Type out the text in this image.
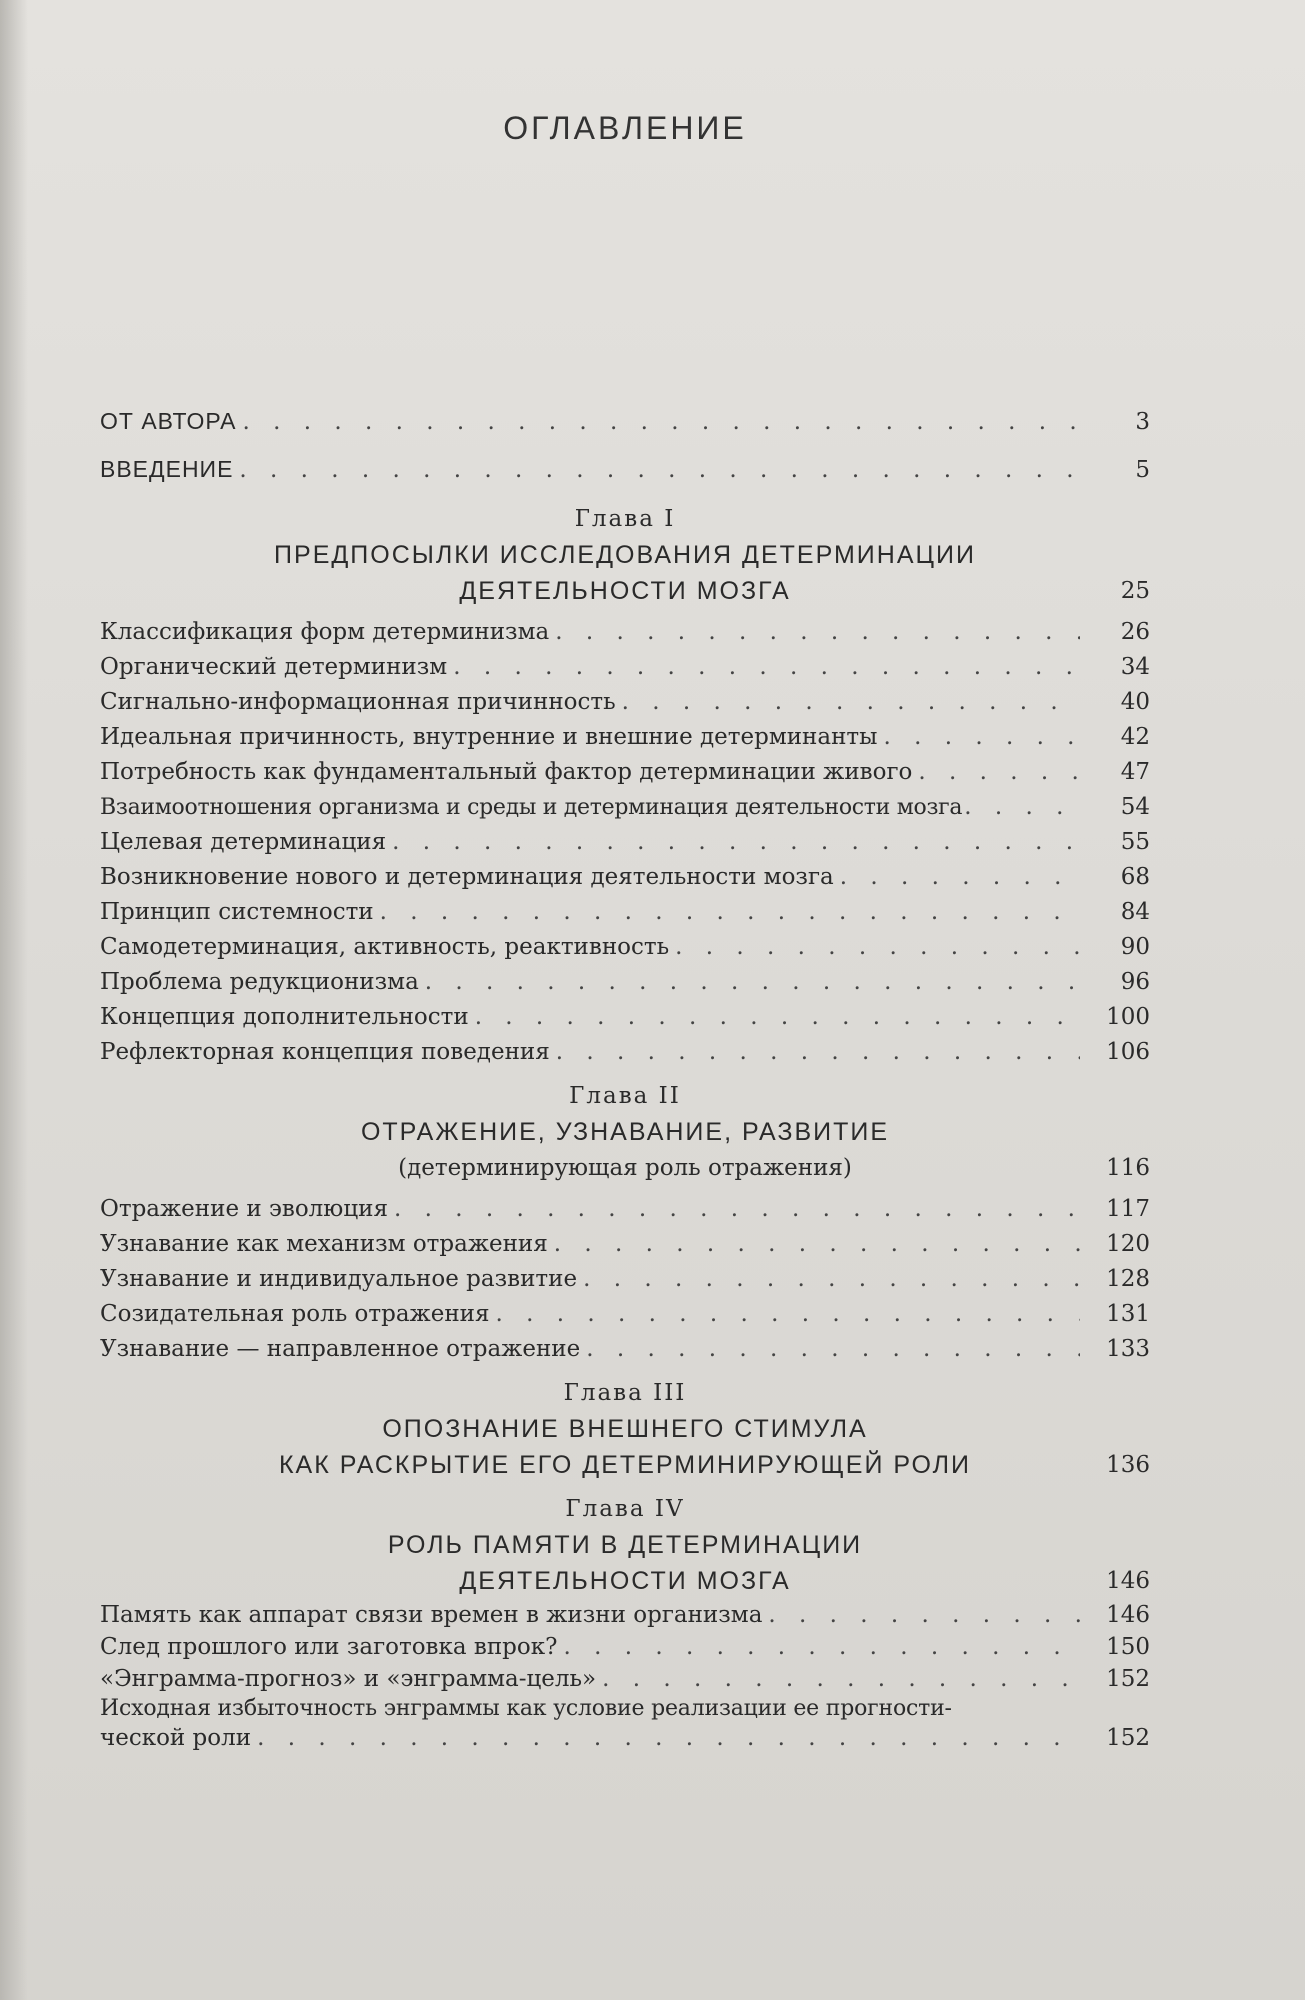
ОГЛАВЛЕНИЕ
ОТ АВТОРА . . .	3
ВВЕДЕНИЕ . . .	5
Глава I
ПРЕДПОСЫЛКИ ИССЛЕДОВАНИЯ ДЕТЕРМИНАЦИИ
ДЕЯТЕЛЬНОСТИ МОЗГА	25
Классификация форм детерминизма . . .	26
Органический детерминизм . . .	34
Сигнально-информационная причинность . . .	40
Идеальная причинность, внутренние и внешние детерминанты . . .	42
Потребность как фундаментальный фактор детерминации живого . . .	47
Взаимоотношения организма и среды и детерминация деятельности мозга . . .	54
Целевая детерминация . . .	55
Возникновение нового и детерминация деятельности мозга . . .	68
Принцип системности . . .	84
Самодетерминация, активность, реактивность . . .	90
Проблема редукционизма . . .	96
Концепция дополнительности . . .	100
Рефлекторная концепция поведения . . .	106
Глава II
ОТРАЖЕНИЕ, УЗНАВАНИЕ, РАЗВИТИЕ
(детерминирующая роль отражения)	116
Отражение и эволюция . . .	117
Узнавание как механизм отражения . . .	120
Узнавание и индивидуальное развитие . . .	128
Созидательная роль отражения . . .	131
Узнавание — направленное отражение . . .	133
Глава III
ОПОЗНАНИЕ ВНЕШНЕГО СТИМУЛА
КАК РАСКРЫТИЕ ЕГО ДЕТЕРМИНИРУЮЩЕЙ РОЛИ	136
Глава IV
РОЛЬ ПАМЯТИ В ДЕТЕРМИНАЦИИ
ДЕЯТЕЛЬНОСТИ МОЗГА	146
Память как аппарат связи времен в жизни организма . . .	146
След прошлого или заготовка впрок? . . .	150
«Энграмма-прогноз» и «энграмма-цель» . . .	152
Исходная избыточность энграммы как условие реализации ее прогности-
ческой роли . . .	152
